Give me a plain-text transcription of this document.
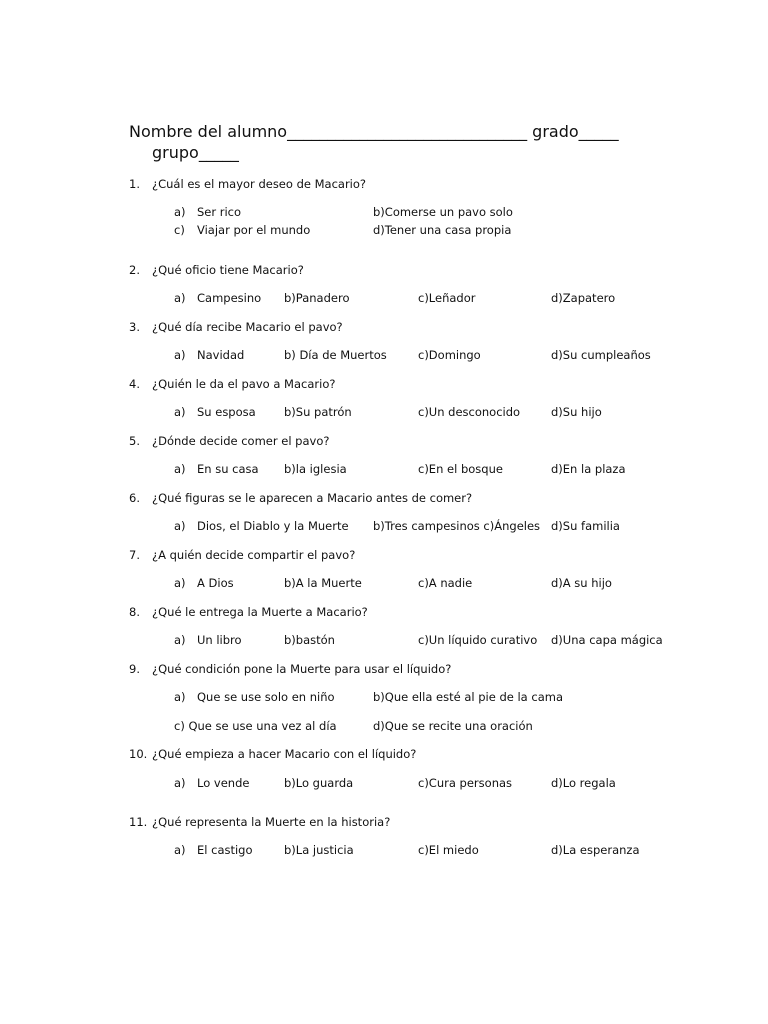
Nombre del alumno______________________________ grado_____
grupo_____
1. ¿Cuál es el mayor deseo de Macario?
a) Ser rico	b)Comerse un pavo solo
c) Viajar por el mundo	d)Tener una casa propia
2. ¿Qué oficio tiene Macario?
a) Campesino b)Panadero	c)Leñador	d)Zapatero
3. ¿Qué día recibe Macario el pavo?
a) Navidad	b) Día de Muertos	c)Domingo	d)Su cumpleaños
4. ¿Quién le da el pavo a Macario?
a) Su esposa b)Su patrón	c)Un desconocido	d)Su hijo
5. ¿Dónde decide comer el pavo?
a) En su casa b)la iglesia	c)En el bosque	d)En la plaza
6. ¿Qué figuras se le aparecen a Macario antes de comer?
a) Dios, el Diablo y la Muerte b)Tres campesinos c)Ángeles d)Su familia
7. ¿A quién decide compartir el pavo?
a) A Dios	b)A la Muerte	c)A nadie	d)A su hijo
8. ¿Qué le entrega la Muerte a Macario?
a) Un libro	b)bastón	c)Un líquido curativo d)Una capa mágica
9. ¿Qué condición pone la Muerte para usar el líquido?
a) Que se use solo en niño	b)Que ella esté al pie de la cama
c) Que se use una vez al día	d)Que se recite una oración
10. ¿Qué empieza a hacer Macario con el líquido?
a) Lo vende	b)Lo guarda	c)Cura personas	d)Lo regala
11. ¿Qué representa la Muerte en la historia?
a) El castigo	b)La justicia	c)El miedo	d)La esperanza
